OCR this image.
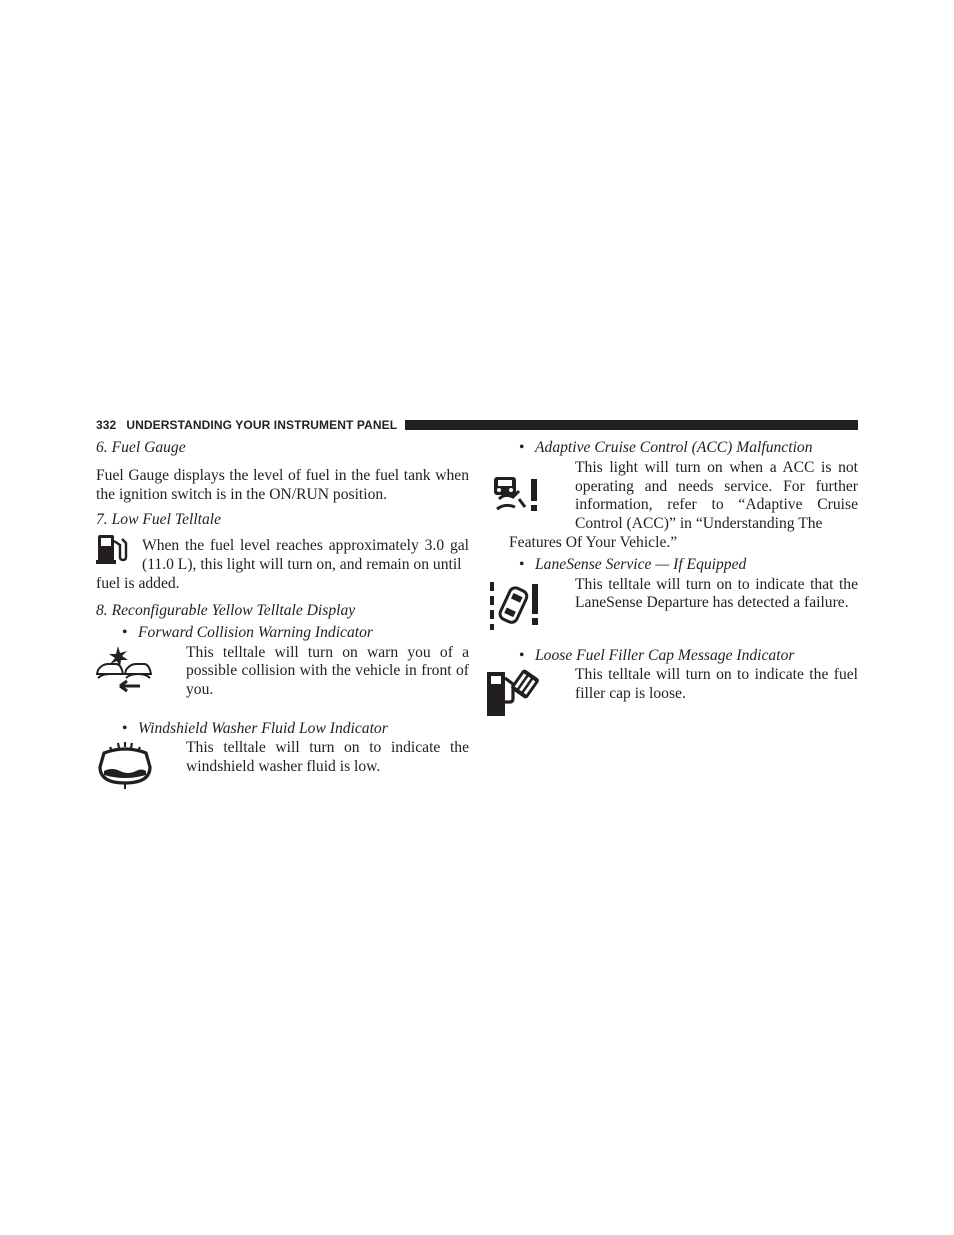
332 UNDERSTANDING YOUR INSTRUMENT PANEL
6. Fuel Gauge
Fuel Gauge displays the level of fuel in the fuel tank when the ignition switch is in the ON/RUN position.
7. Low Fuel Telltale
When the fuel level reaches approximately 3.0 gal (11.0 L), this light will turn on, and remain on until
fuel is added.
8. Reconfigurable Yellow Telltale Display
• Forward Collision Warning Indicator
This telltale will turn on warn you of a possible collision with the vehicle in front of you.
• Windshield Washer Fluid Low Indicator
This telltale will turn on to indicate the windshield washer fluid is low.
• Adaptive Cruise Control (ACC) Malfunction
This light will turn on when a ACC is not operating and needs service. For further information, refer to “Adaptive Cruise Control (ACC)” in “Understanding The
Features Of Your Vehicle.”
• LaneSense Service — If Equipped
This telltale will turn on to indicate that the LaneSense Departure has detected a failure.
• Loose Fuel Filler Cap Message Indicator
This telltale will turn on to indicate the fuel filler cap is loose.
